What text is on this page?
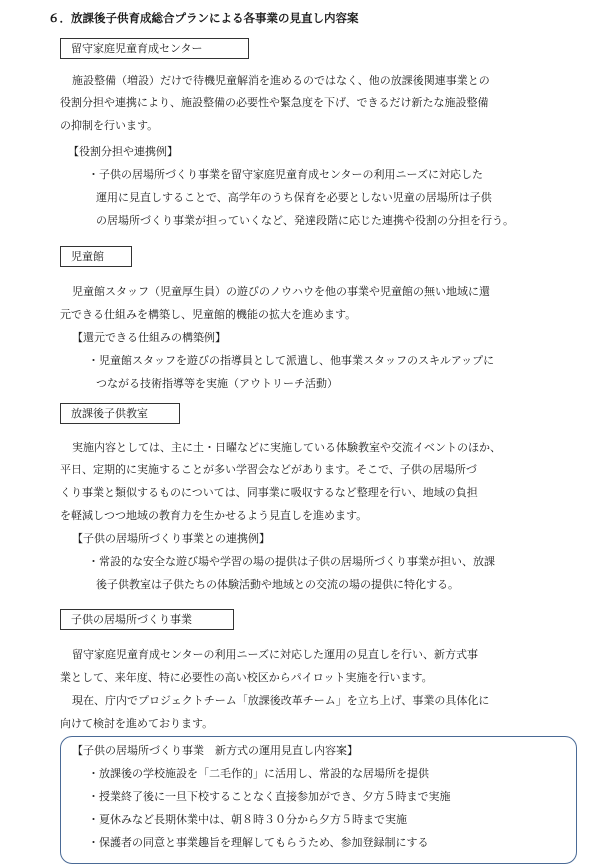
６．放課後子供育成総合プランによる各事業の見直し内容案
留守家庭児童育成センター
施設整備（増設）だけで待機児童解消を進めるのではなく、他の放課後関連事業との
役割分担や連携により、施設整備の必要性や緊急度を下げ、できるだけ新たな施設整備
の抑制を行います。
【役割分担や連携例】
・子供の居場所づくり事業を留守家庭児童育成センターの利用ニーズに対応した
運用に見直しすることで、高学年のうち保育を必要としない児童の居場所は子供
の居場所づくり事業が担っていくなど、発達段階に応じた連携や役割の分担を行う。
児童館
児童館スタッフ（児童厚生員）の遊びのノウハウを他の事業や児童館の無い地域に還
元できる仕組みを構築し、児童館的機能の拡大を進めます。
【還元できる仕組みの構築例】
・児童館スタッフを遊びの指導員として派遣し、他事業スタッフのスキルアップに
つながる技術指導等を実施（アウトリーチ活動）
放課後子供教室
実施内容としては、主に土・日曜などに実施している体験教室や交流イベントのほか、
平日、定期的に実施することが多い学習会などがあります。そこで、子供の居場所づ
くり事業と類似するものについては、同事業に吸収するなど整理を行い、地域の負担
を軽減しつつ地域の教育力を生かせるよう見直しを進めます。
【子供の居場所づくり事業との連携例】
・常設的な安全な遊び場や学習の場の提供は子供の居場所づくり事業が担い、放課
後子供教室は子供たちの体験活動や地域との交流の場の提供に特化する。
子供の居場所づくり事業
留守家庭児童育成センターの利用ニーズに対応した運用の見直しを行い、新方式事
業として、来年度、特に必要性の高い校区からパイロット実施を行います。
現在、庁内でプロジェクトチーム「放課後改革チーム」を立ち上げ、事業の具体化に
向けて検討を進めております。
【子供の居場所づくり事業　新方式の運用見直し内容案】
・放課後の学校施設を「二毛作的」に活用し、常設的な居場所を提供
・授業終了後に一旦下校することなく直接参加ができ、夕方５時まで実施
・夏休みなど長期休業中は、朝８時３０分から夕方５時まで実施
・保護者の同意と事業趣旨を理解してもらうため、参加登録制にする
